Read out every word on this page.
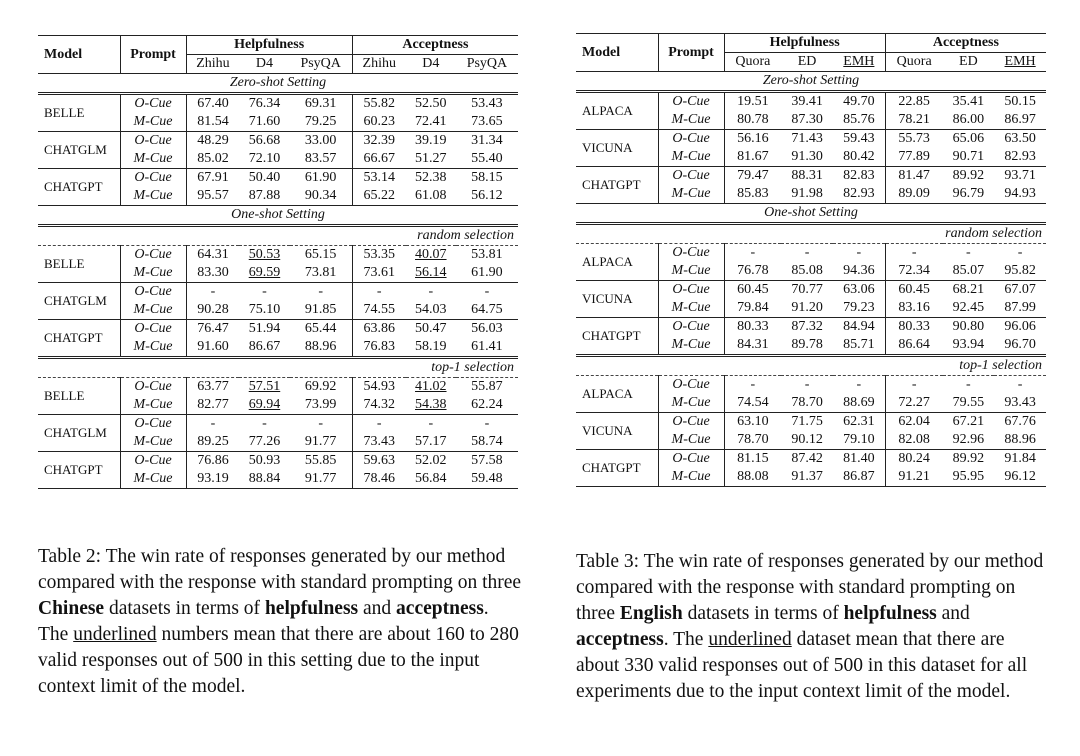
Model	Prompt	Helpfulness			Acceptness		
		Zhihu	D4	PsyQA	Zhihu	D4	PsyQA
Zero-shot Setting							
BELLE	O-Cue	67.40	76.34	69.31	55.82	52.50	53.43
	M-Cue	81.54	71.60	79.25	60.23	72.41	73.65
CHATGLM	O-Cue	48.29	56.68	33.00	32.39	39.19	31.34
	M-Cue	85.02	72.10	83.57	66.67	51.27	55.40
CHATGPT	O-Cue	67.91	50.40	61.90	53.14	52.38	58.15
	M-Cue	95.57	87.88	90.34	65.22	61.08	56.12
One-shot Setting							
random selection							
BELLE	O-Cue	64.31	50.53	65.15	53.35	40.07	53.81
	M-Cue	83.30	69.59	73.81	73.61	56.14	61.90
CHATGLM	O-Cue	-	-	-	-	-	-
	M-Cue	90.28	75.10	91.85	74.55	54.03	64.75
CHATGPT	O-Cue	76.47	51.94	65.44	63.86	50.47	56.03
	M-Cue	91.60	86.67	88.96	76.83	58.19	61.41
top-1 selection							
BELLE	O-Cue	63.77	57.51	69.92	54.93	41.02	55.87
	M-Cue	82.77	69.94	73.99	74.32	54.38	62.24
CHATGLM	O-Cue	-	-	-	-	-	-
	M-Cue	89.25	77.26	91.77	73.43	57.17	58.74
CHATGPT	O-Cue	76.86	50.93	55.85	59.63	52.02	57.58
	M-Cue	93.19	88.84	91.77	78.46	56.84	59.48
Model	Prompt	Helpfulness			Acceptness		
		Quora	ED	EMH	Quora	ED	EMH
Zero-shot Setting							
ALPACA	O-Cue	19.51	39.41	49.70	22.85	35.41	50.15
	M-Cue	80.78	87.30	85.76	78.21	86.00	86.97
VICUNA	O-Cue	56.16	71.43	59.43	55.73	65.06	63.50
	M-Cue	81.67	91.30	80.42	77.89	90.71	82.93
CHATGPT	O-Cue	79.47	88.31	82.83	81.47	89.92	93.71
	M-Cue	85.83	91.98	82.93	89.09	96.79	94.93
One-shot Setting							
random selection							
ALPACA	O-Cue	-	-	-	-	-	-
	M-Cue	76.78	85.08	94.36	72.34	85.07	95.82
VICUNA	O-Cue	60.45	70.77	63.06	60.45	68.21	67.07
	M-Cue	79.84	91.20	79.23	83.16	92.45	87.99
CHATGPT	O-Cue	80.33	87.32	84.94	80.33	90.80	96.06
	M-Cue	84.31	89.78	85.71	86.64	93.94	96.70
top-1 selection							
ALPACA	O-Cue	-	-	-	-	-	-
	M-Cue	74.54	78.70	88.69	72.27	79.55	93.43
VICUNA	O-Cue	63.10	71.75	62.31	62.04	67.21	67.76
	M-Cue	78.70	90.12	79.10	82.08	92.96	88.96
CHATGPT	O-Cue	81.15	87.42	81.40	80.24	89.92	91.84
	M-Cue	88.08	91.37	86.87	91.21	95.95	96.12

Table 2: The win rate of responses generated by our method compared with the response with standard prompting on three Chinese datasets in terms of helpfulness and acceptness. The underlined numbers mean that there are about 160 to 280 valid responses out of 500 in this setting due to the input context limit of the model.

Table 3: The win rate of responses generated by our method compared with the response with standard prompting on three English datasets in terms of helpfulness and acceptness. The underlined dataset mean that there are about 330 valid responses out of 500 in this dataset for all experiments due to the input context limit of the model.
